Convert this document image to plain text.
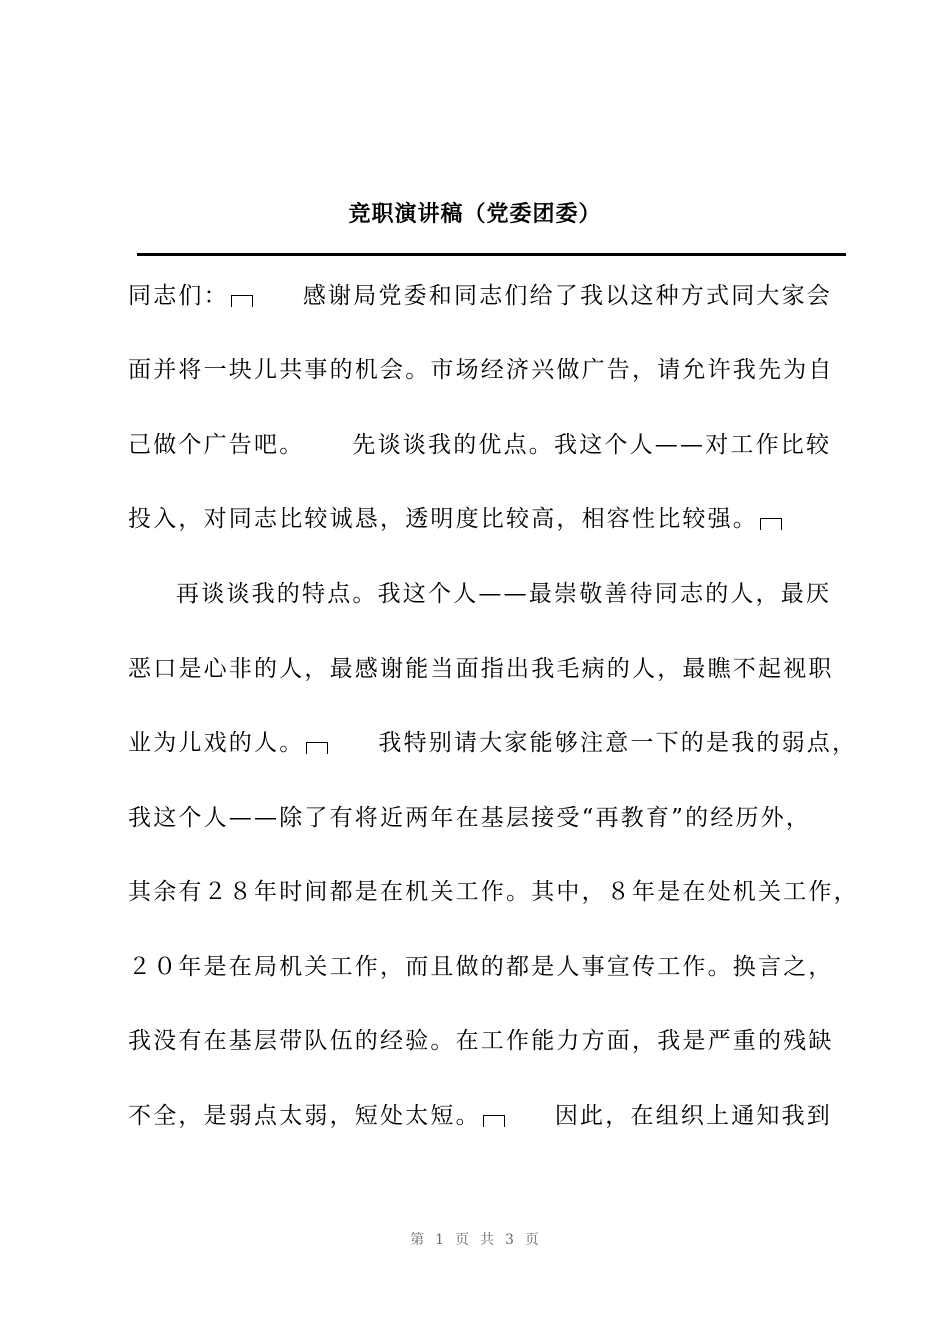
竞职演讲稿（党委团委）
同志们：	感谢局党委和同志们给了我以这种方式同大家会
面并将一块儿共事的机会。市场经济兴做广告，请允许我先为自
己做个广告吧。 先谈谈我的优点。我这个人——对工作比较
投入，对同志比较诚恳，透明度比较高，相容性比较强。
再谈谈我的特点。我这个人——最崇敬善待同志的人，最厌
恶口是心非的人，最感谢能当面指出我毛病的人，最瞧不起视职
业为儿戏的人。	我特别请大家能够注意一下的是我的弱点，
我这个人——除了有将近两年在基层接受“再教育”的经历外，
其余有２８年时间都是在机关工作。其中，８年是在处机关工作，
２０年是在局机关工作，而且做的都是人事宣传工作。换言之，
我没有在基层带队伍的经验。在工作能力方面，我是严重的残缺
不全，是弱点太弱，短处太短。	因此，在组织上通知我到
第 1 页 共 3 页
